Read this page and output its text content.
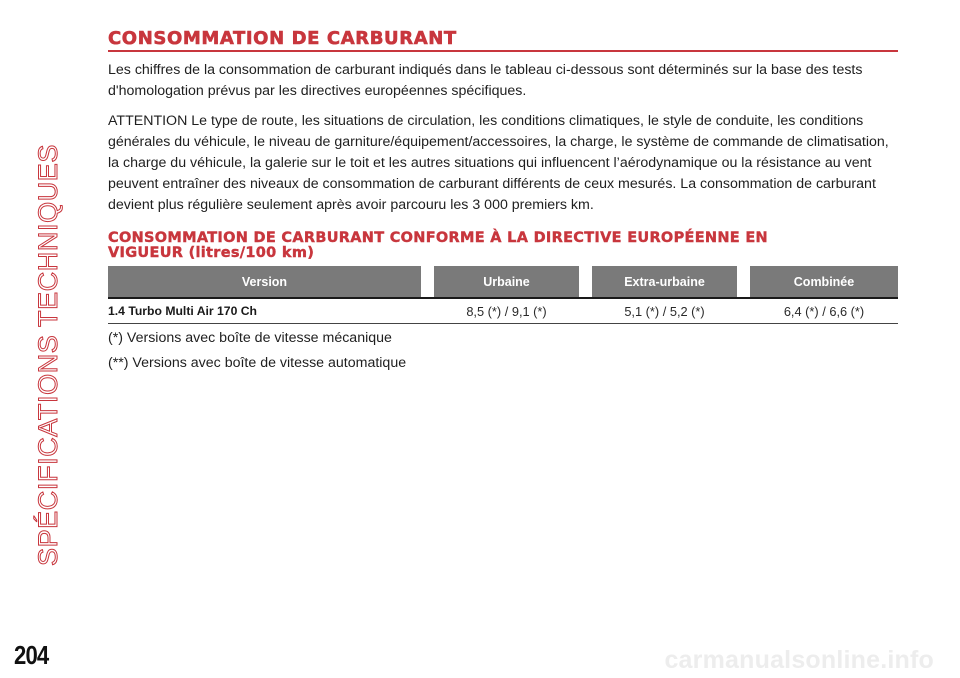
SPÉCIFICATIONS TECHNIQUES
CONSOMMATION DE CARBURANT

Les chiffres de la consommation de carburant indiqués dans le tableau ci-dessous sont déterminés sur la base des tests d'homologation prévus par les directives européennes spécifiques.

ATTENTION Le type de route, les situations de circulation, les conditions climatiques, le style de conduite, les conditions générales du véhicule, le niveau de garniture/équipement/accessoires, la charge, le système de commande de climatisation, la charge du véhicule, la galerie sur le toit et les autres situations qui influencent l’aérodynamique ou la résistance au vent peuvent entraîner des niveaux de consommation de carburant différents de ceux mesurés. La consommation de carburant devient plus régulière seulement après avoir parcouru les 3 000 premiers km.

CONSOMMATION DE CARBURANT CONFORME À LA DIRECTIVE EUROPÉENNE EN
VIGUEUR (litres/100 km)
Version	Urbaine	Extra-urbaine	Combinée
1.4 Turbo Multi Air 170 Ch	8,5 (*) / 9,1 (*)	5,1 (*) / 5,2 (*)	6,4 (*) / 6,6 (*)

(*) Versions avec boîte de vitesse mécanique

(**) Versions avec boîte de vitesse automatique

204	carmanualsonline.info
